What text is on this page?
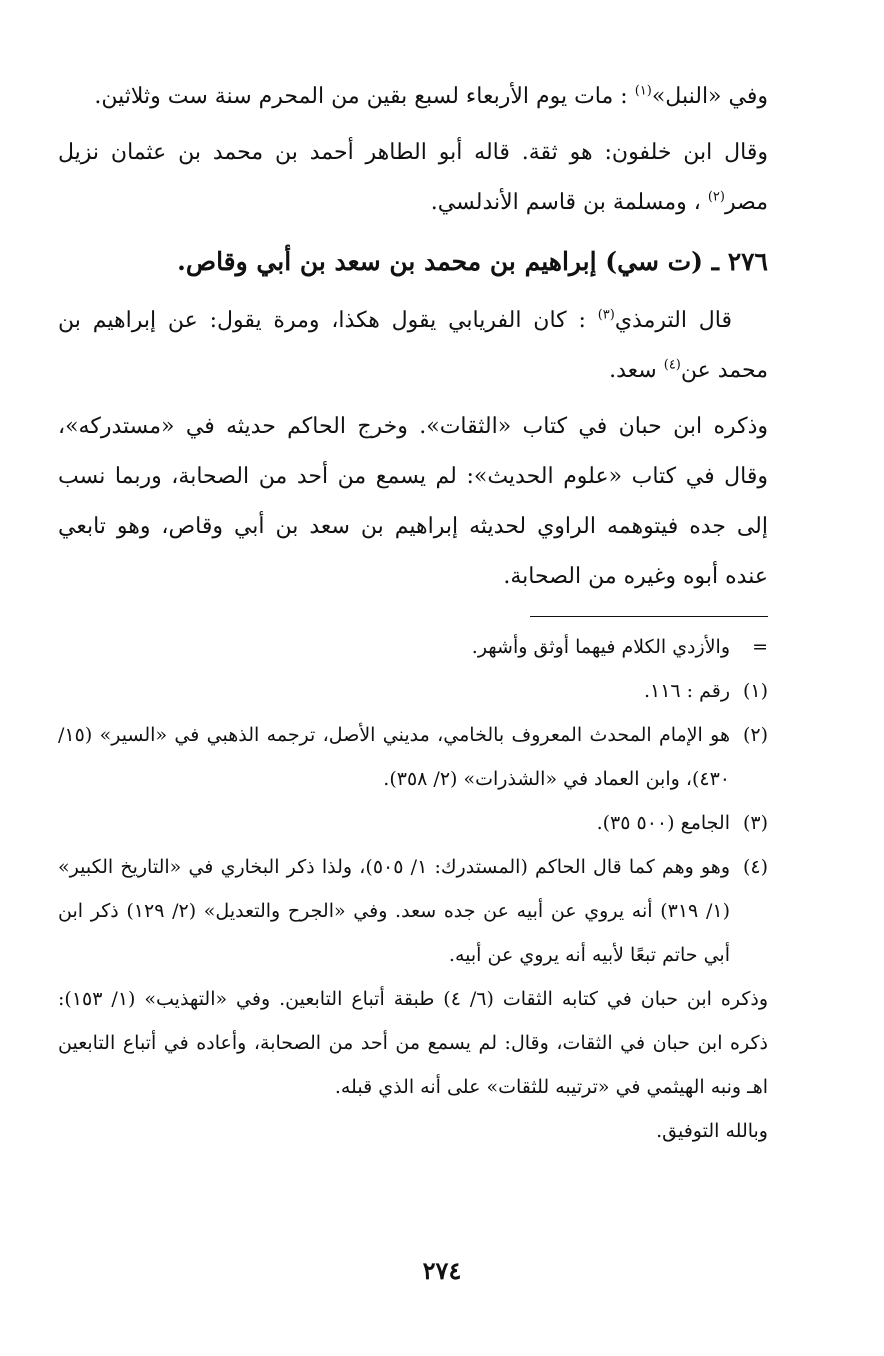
وفي «النبل»$^{(١)}$ : مات يوم الأربعاء لسبع بقين من المحرم سنة ست وثلاثين.

وقال ابن خلفون: هو ثقة. قاله أبو الطاهر أحمد بن محمد بن عثمان نزيل مصر$^{(٢)}$ ، ومسلمة بن قاسم الأندلسي.

٢٧٦ ـ (ت سي) إبراهيم بن محمد بن سعد بن أبي وقاص.

قال الترمذي$^{(٣)}$ : كان الفريابي يقول هكذا، ومرة يقول: عن إبراهيم بن محمد عن$^{(٤)}$ سعد.

وذكره ابن حبان في كتاب «الثقات». وخرج الحاكم حديثه في «مستدركه»، وقال في كتاب «علوم الحديث»: لم يسمع من أحد من الصحابة، وربما نسب إلى جده فيتوهمه الراوي لحديثه إبراهيم بن سعد بن أبي وقاص، وهو تابعي عنده أبوه وغيره من الصحابة.

=
والأزدي الكلام فيهما أوثق وأشهر.
(١)
رقم : ١١٦.
(٢)
هو الإمام المحدث المعروف بالخامي، مديني الأصل، ترجمه الذهبي في «السير» (١٥/ ٤٣٠)، وابن العماد في «الشذرات» (٢/ ٣٥٨).
(٣)
الجامع (٥٠٠ ٣٥).
(٤)
وهو وهم كما قال الحاكم (المستدرك: ١/ ٥٠٥)، ولذا ذكر البخاري في «التاريخ الكبير» (١/ ٣١٩) أنه يروي عن أبيه عن جده سعد. وفي «الجرح والتعديل» (٢/ ١٢٩) ذكر ابن أبي حاتم تبعًا لأبيه أنه يروي عن أبيه.
وذكره ابن حبان في كتابه الثقات (٦/ ٤) طبقة أتباع التابعين. وفي «التهذيب» (١/ ١٥٣): ذكره ابن حبان في الثقات، وقال: لم يسمع من أحد من الصحابة، وأعاده في أتباع التابعين اهـ ونبه الهيثمي في «ترتيبه للثقات» على أنه الذي قبله.
وبالله التوفيق.
٢٧٤
